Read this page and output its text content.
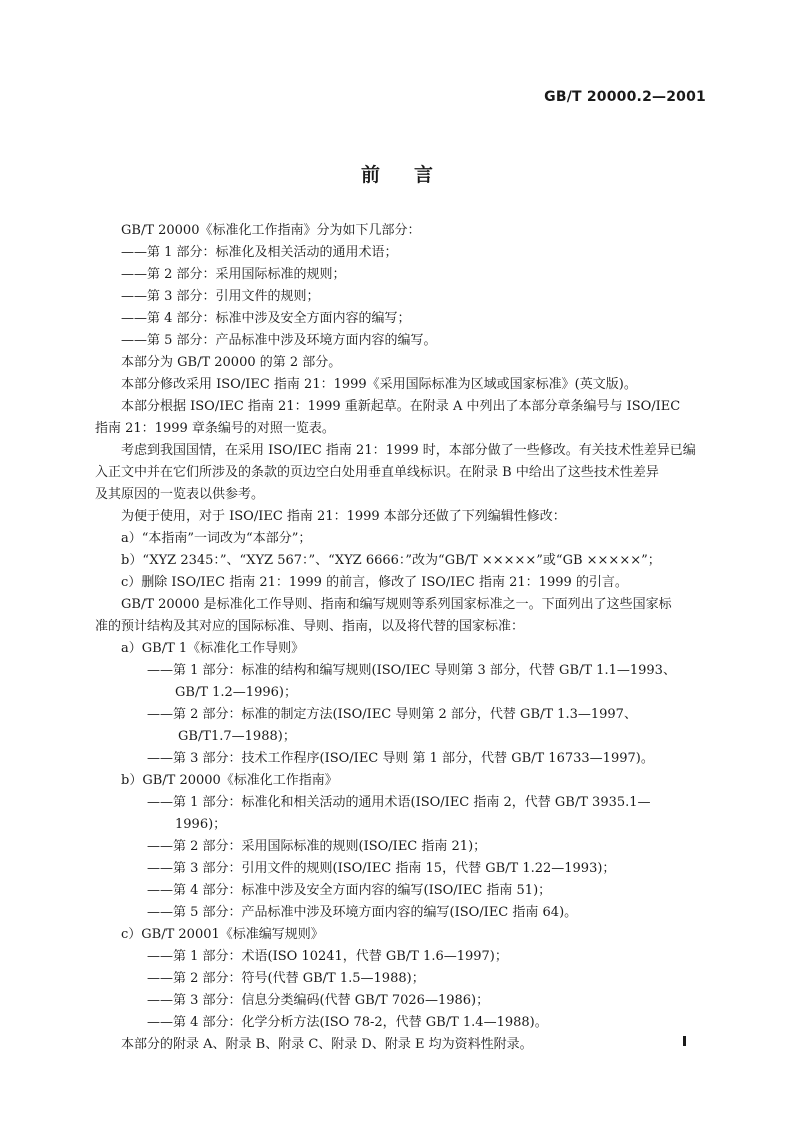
GB/T 20000.2—2001
前言
GB/T 20000《标准化工作指南》分为如下几部分：
——第 1 部分：标准化及相关活动的通用术语；
——第 2 部分：采用国际标准的规则；
——第 3 部分：引用文件的规则；
——第 4 部分：标准中涉及安全方面内容的编写；
——第 5 部分：产品标准中涉及环境方面内容的编写。
本部分为 GB/T 20000 的第 2 部分。
本部分修改采用 ISO/IEC 指南 21：1999《采用国际标准为区域或国家标准》(英文版)。
本部分根据 ISO/IEC 指南 21：1999 重新起草。在附录 A 中列出了本部分章条编号与 ISO/IEC
指南 21：1999 章条编号的对照一览表。
考虑到我国国情，在采用 ISO/IEC 指南 21：1999 时，本部分做了一些修改。有关技术性差异已编
入正文中并在它们所涉及的条款的页边空白处用垂直单线标识。在附录 B 中给出了这些技术性差异
及其原因的一览表以供参考。
为便于使用，对于 ISO/IEC 指南 21：1999 本部分还做了下列编辑性修改：
a）“本指南”一词改为“本部分”；
b）“XYZ 2345：”、“XYZ 567：”、“XYZ 6666：”改为“GB/T ×××××”或“GB ×××××”；
c）删除 ISO/IEC 指南 21：1999 的前言，修改了 ISO/IEC 指南 21：1999 的引言。
GB/T 20000 是标准化工作导则、指南和编写规则等系列国家标准之一。下面列出了这些国家标
准的预计结构及其对应的国际标准、导则、指南，以及将代替的国家标准：
a）GB/T 1《标准化工作导则》
——第 1 部分：标准的结构和编写规则(ISO/IEC 导则第 3 部分，代替 GB/T 1.1—1993、
GB/T 1.2—1996)；
——第 2 部分：标准的制定方法(ISO/IEC 导则第 2 部分，代替 GB/T 1.3—1997、
GB/T1.7—1988)；
——第 3 部分：技术工作程序(ISO/IEC 导则 第 1 部分，代替 GB/T 16733—1997)。
b）GB/T 20000《标准化工作指南》
——第 1 部分：标准化和相关活动的通用术语(ISO/IEC 指南 2，代替 GB/T 3935.1—
1996)；
——第 2 部分：采用国际标准的规则(ISO/IEC 指南 21)；
——第 3 部分：引用文件的规则(ISO/IEC 指南 15，代替 GB/T 1.22—1993)；
——第 4 部分：标准中涉及安全方面内容的编写(ISO/IEC 指南 51)；
——第 5 部分：产品标准中涉及环境方面内容的编写(ISO/IEC 指南 64)。
c）GB/T 20001《标准编写规则》
——第 1 部分：术语(ISO 10241，代替 GB/T 1.6—1997)；
——第 2 部分：符号(代替 GB/T 1.5—1988)；
——第 3 部分：信息分类编码(代替 GB/T 7026—1986)；
——第 4 部分：化学分析方法(ISO 78-2，代替 GB/T 1.4—1988)。
本部分的附录 A、附录 B、附录 C、附录 D、附录 E 均为资料性附录。
